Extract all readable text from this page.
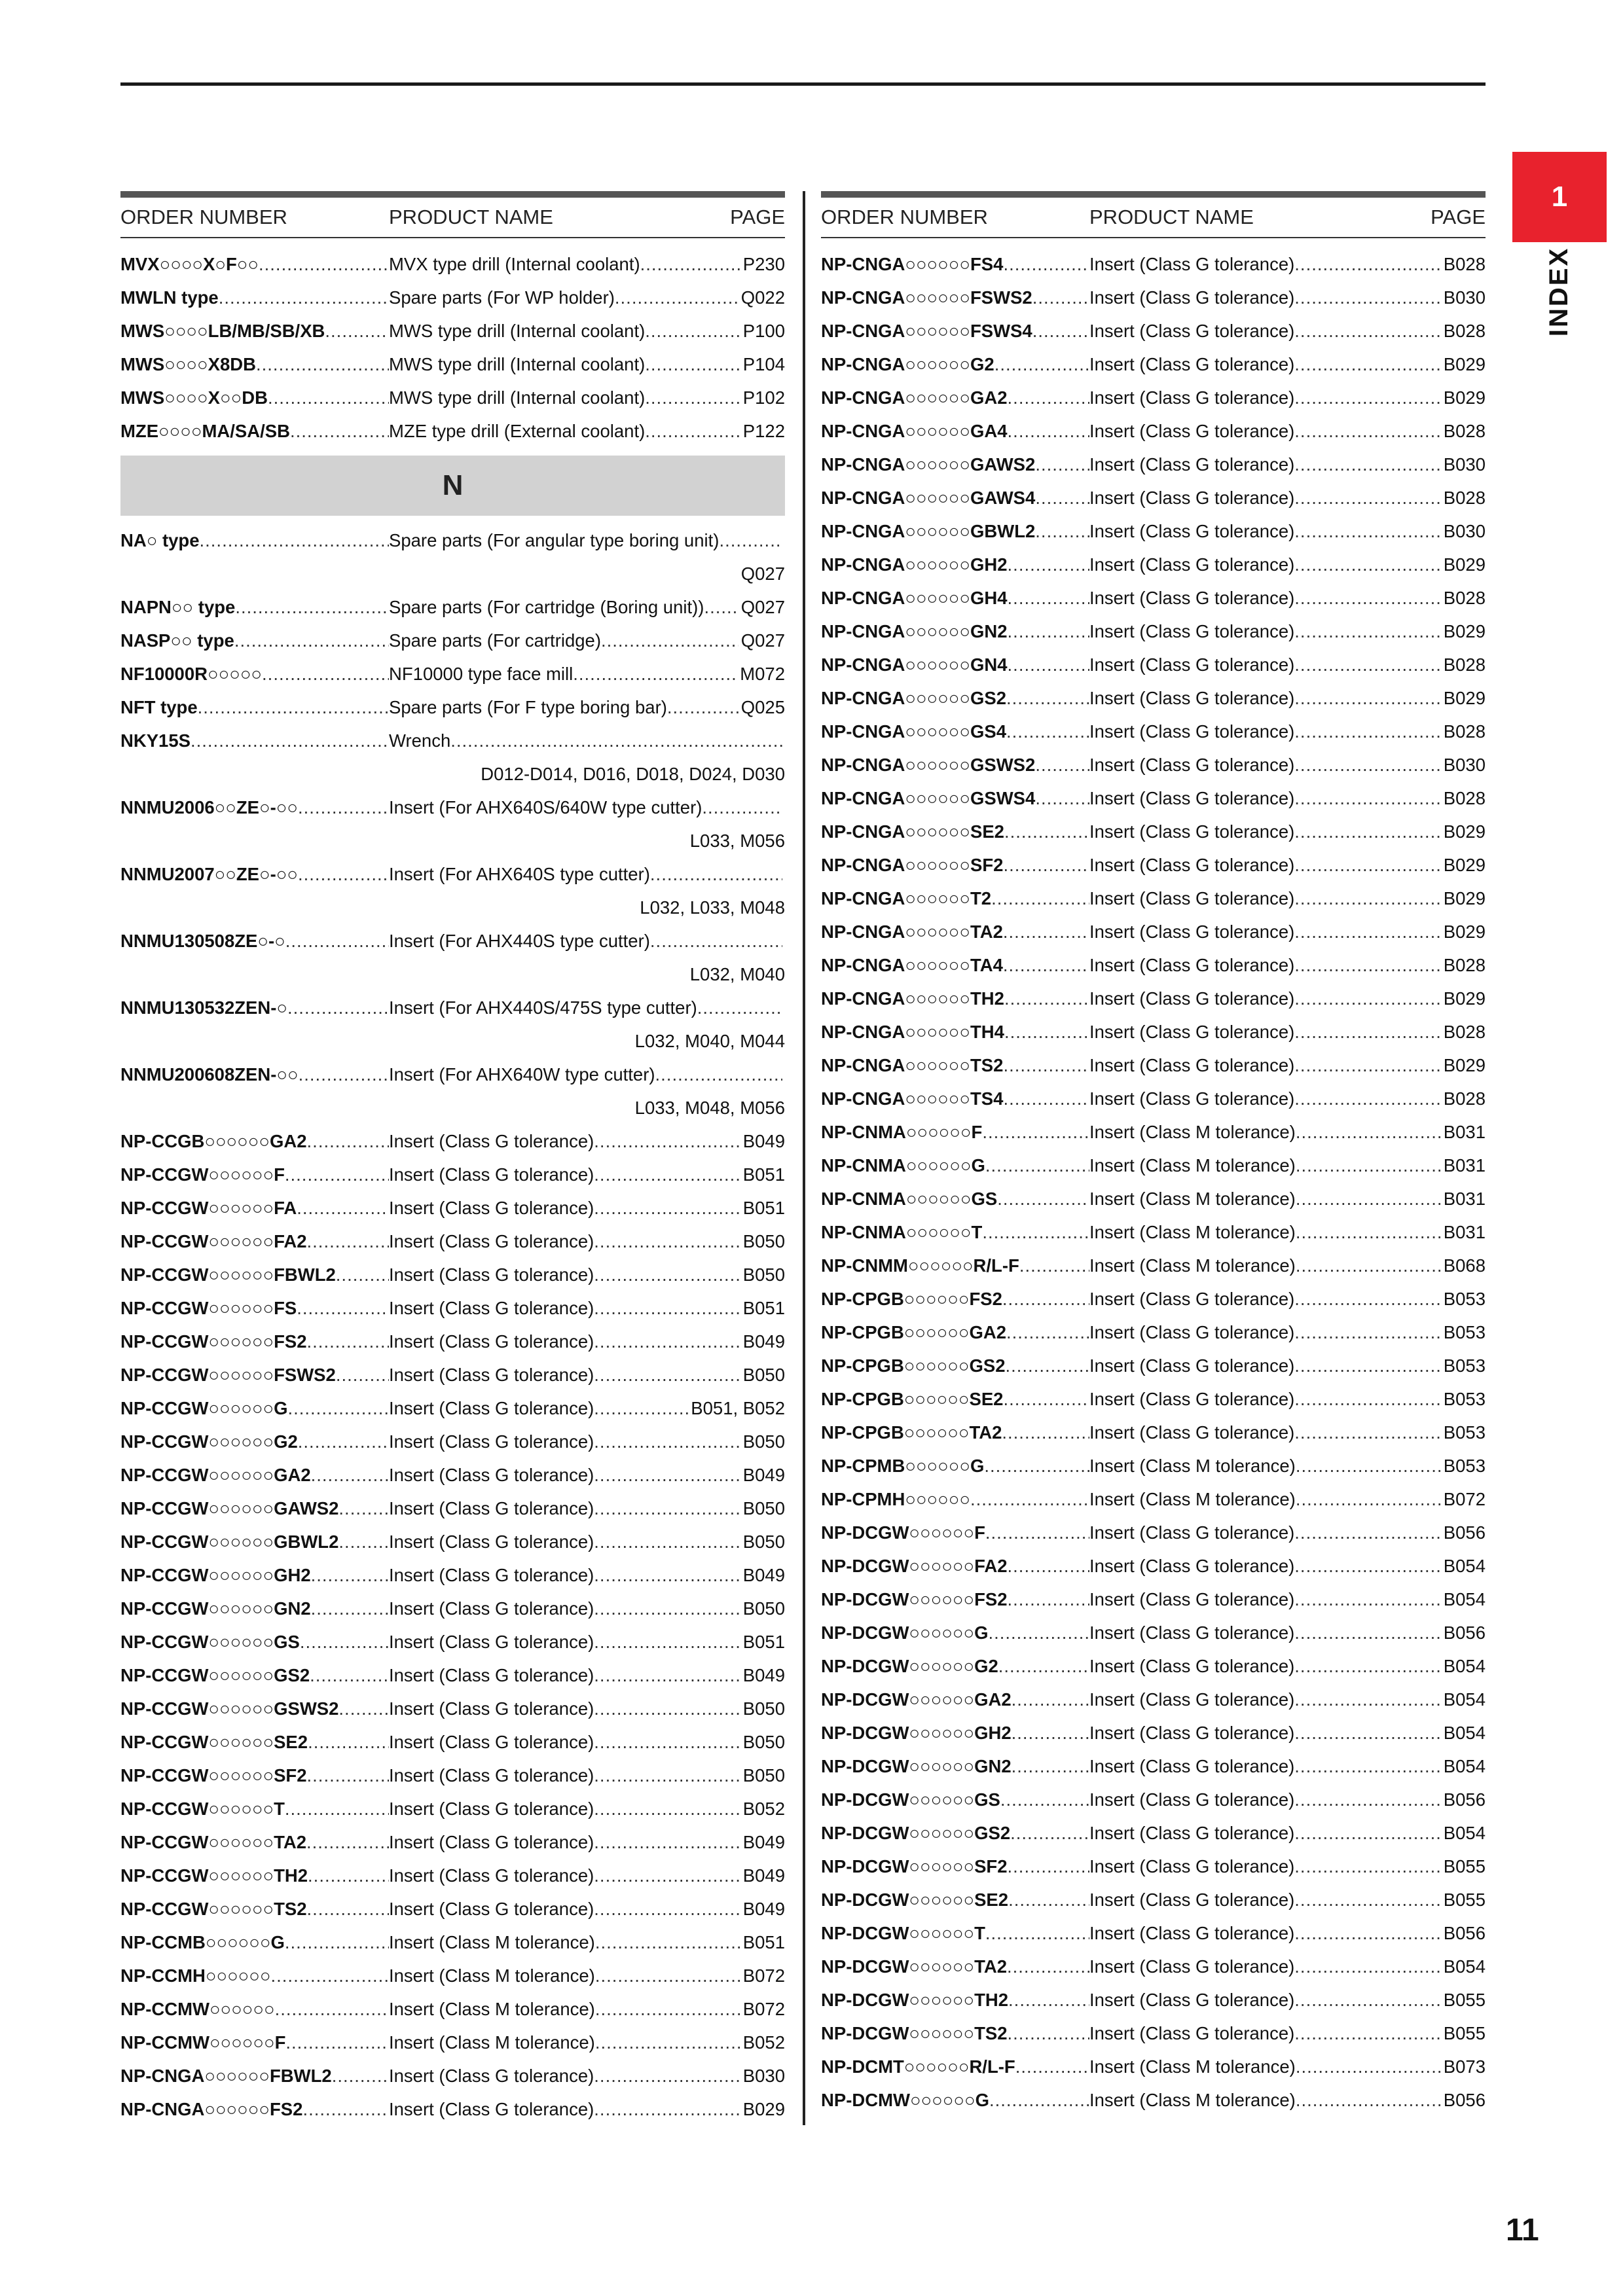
1
INDEX
ORDER NUMBER	PRODUCT NAME	PAGE
MVX○○○○X○F○○ .....	MVX type drill (Internal coolant) .....	P230
MWLN type .....	Spare parts (For WP holder) .....	Q022
MWS○○○○LB/MB/SB/XB .....	MWS type drill (Internal coolant) .....	P100
MWS○○○○X8DB .....	MWS type drill (Internal coolant) .....	P104
MWS○○○○X○○DB .....	MWS type drill (Internal coolant) .....	P102
MZE○○○○MA/SA/SB .....	MZE type drill (External coolant) .....	P122
N
NA○ type .....	Spare parts (For angular type boring unit)
.....
Q027
NAPN○○ type .....	Spare parts (For cartridge (Boring unit)) ..... Q027
NASP○○ type .....	Spare parts (For cartridge) .....	Q027
NF10000R○○○○○ .....	NF10000 type face mill .....	M072
NFT type .....	Spare parts (For F type boring bar) .....	Q025
NKY15S .....	Wrench
.....
D012-D014, D016, D018, D024, D030
NNMU2006○○ZE○-○○ .....	Insert (For AHX640S/640W type cutter)
.....
L033, M056
NNMU2007○○ZE○-○○ .....	Insert (For AHX640S type cutter)
.....
L032, L033, M048
NNMU130508ZE○-○ .....	Insert (For AHX440S type cutter)
.....
L032, M040
NNMU130532ZEN-○ .....	Insert (For AHX440S/475S type cutter)
.....
L032, M040, M044
NNMU200608ZEN-○○ .....	Insert (For AHX640W type cutter)
.....
L033, M048, M056
NP-CCGB○○○○○○GA2 .....	Insert (Class G tolerance) .....	B049
NP-CCGW○○○○○○F .....	Insert (Class G tolerance) .....	B051
NP-CCGW○○○○○○FA .....	Insert (Class G tolerance) .....	B051
NP-CCGW○○○○○○FA2 .....	Insert (Class G tolerance) .....	B050
NP-CCGW○○○○○○FBWL2 .....	Insert (Class G tolerance) .....	B050
NP-CCGW○○○○○○FS .....	Insert (Class G tolerance) .....	B051
NP-CCGW○○○○○○FS2 .....	Insert (Class G tolerance) .....	B049
NP-CCGW○○○○○○FSWS2 .....	Insert (Class G tolerance) .....	B050
NP-CCGW○○○○○○G .....	Insert (Class G tolerance) .....	B051, B052
NP-CCGW○○○○○○G2 .....	Insert (Class G tolerance) .....	B050
NP-CCGW○○○○○○GA2 .....	Insert (Class G tolerance) .....	B049
NP-CCGW○○○○○○GAWS2 .....	Insert (Class G tolerance) .....	B050
NP-CCGW○○○○○○GBWL2 .....	Insert (Class G tolerance) .....	B050
NP-CCGW○○○○○○GH2 .....	Insert (Class G tolerance) .....	B049
NP-CCGW○○○○○○GN2 .....	Insert (Class G tolerance) .....	B050
NP-CCGW○○○○○○GS .....	Insert (Class G tolerance) .....	B051
NP-CCGW○○○○○○GS2 .....	Insert (Class G tolerance) .....	B049
NP-CCGW○○○○○○GSWS2 .....	Insert (Class G tolerance) .....	B050
NP-CCGW○○○○○○SE2 .....	Insert (Class G tolerance) .....	B050
NP-CCGW○○○○○○SF2 .....	Insert (Class G tolerance) .....	B050
NP-CCGW○○○○○○T .....	Insert (Class G tolerance) .....	B052
NP-CCGW○○○○○○TA2 .....	Insert (Class G tolerance) .....	B049
NP-CCGW○○○○○○TH2 .....	Insert (Class G tolerance) .....	B049
NP-CCGW○○○○○○TS2 .....	Insert (Class G tolerance) .....	B049
NP-CCMB○○○○○○G .....	Insert (Class M tolerance) .....	B051
NP-CCMH○○○○○○ .....	Insert (Class M tolerance) .....	B072
NP-CCMW○○○○○○ .....	Insert (Class M tolerance) .....	B072
NP-CCMW○○○○○○F .....	Insert (Class M tolerance) .....	B052
NP-CNGA○○○○○○FBWL2 .....	Insert (Class G tolerance) .....	B030
NP-CNGA○○○○○○FS2 .....	Insert (Class G tolerance) .....	B029
ORDER NUMBER	PRODUCT NAME	PAGE
NP-CNGA○○○○○○FS4 .....	Insert (Class G tolerance) .....	B028
NP-CNGA○○○○○○FSWS2 .....	Insert (Class G tolerance) .....	B030
NP-CNGA○○○○○○FSWS4 .....	Insert (Class G tolerance) .....	B028
NP-CNGA○○○○○○G2 .....	Insert (Class G tolerance) .....	B029
NP-CNGA○○○○○○GA2 .....	Insert (Class G tolerance) .....	B029
NP-CNGA○○○○○○GA4 .....	Insert (Class G tolerance) .....	B028
NP-CNGA○○○○○○GAWS2 .....	Insert (Class G tolerance) .....	B030
NP-CNGA○○○○○○GAWS4 .....	Insert (Class G tolerance) .....	B028
NP-CNGA○○○○○○GBWL2 .....	Insert (Class G tolerance) .....	B030
NP-CNGA○○○○○○GH2 .....	Insert (Class G tolerance) .....	B029
NP-CNGA○○○○○○GH4 .....	Insert (Class G tolerance) .....	B028
NP-CNGA○○○○○○GN2 .....	Insert (Class G tolerance) .....	B029
NP-CNGA○○○○○○GN4 .....	Insert (Class G tolerance) .....	B028
NP-CNGA○○○○○○GS2 .....	Insert (Class G tolerance) .....	B029
NP-CNGA○○○○○○GS4 .....	Insert (Class G tolerance) .....	B028
NP-CNGA○○○○○○GSWS2 .....	Insert (Class G tolerance) .....	B030
NP-CNGA○○○○○○GSWS4 .....	Insert (Class G tolerance) .....	B028
NP-CNGA○○○○○○SE2 .....	Insert (Class G tolerance) .....	B029
NP-CNGA○○○○○○SF2 .....	Insert (Class G tolerance) .....	B029
NP-CNGA○○○○○○T2 .....	Insert (Class G tolerance) .....	B029
NP-CNGA○○○○○○TA2 .....	Insert (Class G tolerance) .....	B029
NP-CNGA○○○○○○TA4 .....	Insert (Class G tolerance) .....	B028
NP-CNGA○○○○○○TH2 .....	Insert (Class G tolerance) .....	B029
NP-CNGA○○○○○○TH4 .....	Insert (Class G tolerance) .....	B028
NP-CNGA○○○○○○TS2 .....	Insert (Class G tolerance) .....	B029
NP-CNGA○○○○○○TS4 .....	Insert (Class G tolerance) .....	B028
NP-CNMA○○○○○○F .....	Insert (Class M tolerance) .....	B031
NP-CNMA○○○○○○G .....	Insert (Class M tolerance) .....	B031
NP-CNMA○○○○○○GS .....	Insert (Class M tolerance) .....	B031
NP-CNMA○○○○○○T .....	Insert (Class M tolerance) .....	B031
NP-CNMM○○○○○○R/L-F .....	Insert (Class M tolerance) .....	B068
NP-CPGB○○○○○○FS2 .....	Insert (Class G tolerance) .....	B053
NP-CPGB○○○○○○GA2 .....	Insert (Class G tolerance) .....	B053
NP-CPGB○○○○○○GS2 .....	Insert (Class G tolerance) .....	B053
NP-CPGB○○○○○○SE2 .....	Insert (Class G tolerance) .....	B053
NP-CPGB○○○○○○TA2 .....	Insert (Class G tolerance) .....	B053
NP-CPMB○○○○○○G .....	Insert (Class M tolerance) .....	B053
NP-CPMH○○○○○○ .....	Insert (Class M tolerance) .....	B072
NP-DCGW○○○○○○F .....	Insert (Class G tolerance) .....	B056
NP-DCGW○○○○○○FA2 .....	Insert (Class G tolerance) .....	B054
NP-DCGW○○○○○○FS2 .....	Insert (Class G tolerance) .....	B054
NP-DCGW○○○○○○G .....	Insert (Class G tolerance) .....	B056
NP-DCGW○○○○○○G2 .....	Insert (Class G tolerance) .....	B054
NP-DCGW○○○○○○GA2 .....	Insert (Class G tolerance) .....	B054
NP-DCGW○○○○○○GH2 .....	Insert (Class G tolerance) .....	B054
NP-DCGW○○○○○○GN2 .....	Insert (Class G tolerance) .....	B054
NP-DCGW○○○○○○GS .....	Insert (Class G tolerance) .....	B056
NP-DCGW○○○○○○GS2 .....	Insert (Class G tolerance) .....	B054
NP-DCGW○○○○○○SF2 .....	Insert (Class G tolerance) .....	B055
NP-DCGW○○○○○○SE2 .....	Insert (Class G tolerance) .....	B055
NP-DCGW○○○○○○T .....	Insert (Class G tolerance) .....	B056
NP-DCGW○○○○○○TA2 .....	Insert (Class G tolerance) .....	B054
NP-DCGW○○○○○○TH2 .....	Insert (Class G tolerance) .....	B055
NP-DCGW○○○○○○TS2 .....	Insert (Class G tolerance) .....	B055
NP-DCMT○○○○○○R/L-F .....	Insert (Class M tolerance) .....	B073
NP-DCMW○○○○○○G .....	Insert (Class M tolerance) .....	B056
11
